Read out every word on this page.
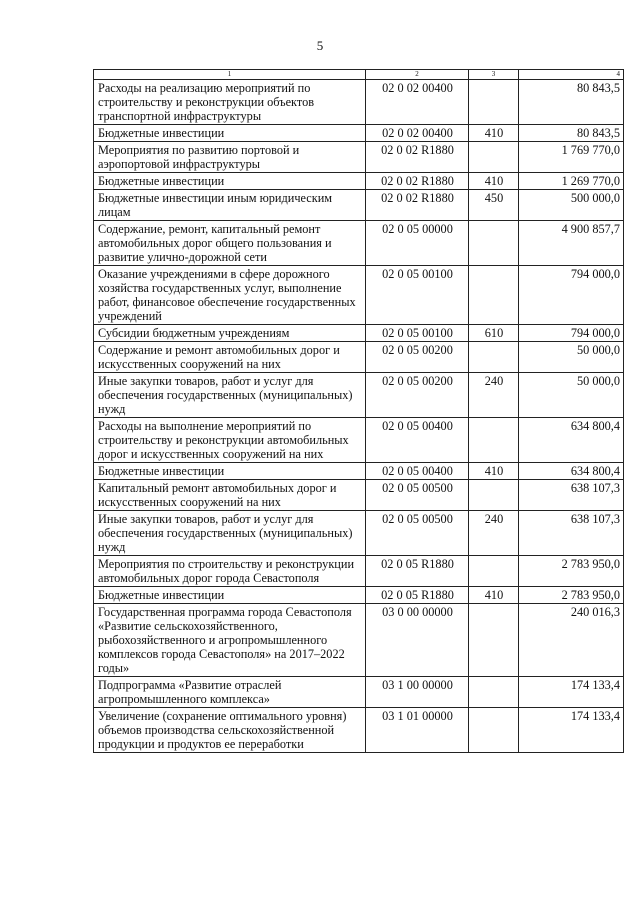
5
1	2	3	4
Расходы на реализацию мероприятий по строительству и реконструкции объектов транспортной инфраструктуры	02 0 02 00400		80 843,5
Бюджетные инвестиции	02 0 02 00400	410	80 843,5
Мероприятия по развитию портовой и аэропортовой инфраструктуры	02 0 02 R1880		1 769 770,0
Бюджетные инвестиции	02 0 02 R1880	410	1 269 770,0
Бюджетные инвестиции иным юридическим лицам	02 0 02 R1880	450	500 000,0
Содержание, ремонт, капитальный ремонт автомобильных дорог общего пользования и развитие улично-дорожной сети	02 0 05 00000		4 900 857,7
Оказание учреждениями в сфере дорожного хозяйства государственных услуг, выполнение работ, финансовое обеспечение государственных учреждений	02 0 05 00100		794 000,0
Субсидии бюджетным учреждениям	02 0 05 00100	610	794 000,0
Содержание и ремонт автомобильных дорог и искусственных сооружений на них	02 0 05 00200		50 000,0
Иные закупки товаров, работ и услуг для обеспечения государственных (муниципальных) нужд	02 0 05 00200	240	50 000,0
Расходы на выполнение мероприятий по строительству и реконструкции автомобильных дорог и искусственных сооружений на них	02 0 05 00400		634 800,4
Бюджетные инвестиции	02 0 05 00400	410	634 800,4
Капитальный ремонт автомобильных дорог и искусственных сооружений на них	02 0 05 00500		638 107,3
Иные закупки товаров, работ и услуг для обеспечения государственных (муниципальных) нужд	02 0 05 00500	240	638 107,3
Мероприятия по строительству и реконструкции автомобильных дорог города Севастополя	02 0 05 R1880		2 783 950,0
Бюджетные инвестиции	02 0 05 R1880	410	2 783 950,0
Государственная программа города Севастополя «Развитие сельскохозяйственного, рыбохозяйственного и агропромышленного комплексов города Севастополя» на 2017–2022 годы»	03 0 00 00000		240 016,3
Подпрограмма «Развитие отраслей агропромышленного комплекса»	03 1 00 00000		174 133,4
Увеличение (сохранение оптимального уровня) объемов производства сельскохозяйственной продукции и продуктов ее переработки	03 1 01 00000		174 133,4
